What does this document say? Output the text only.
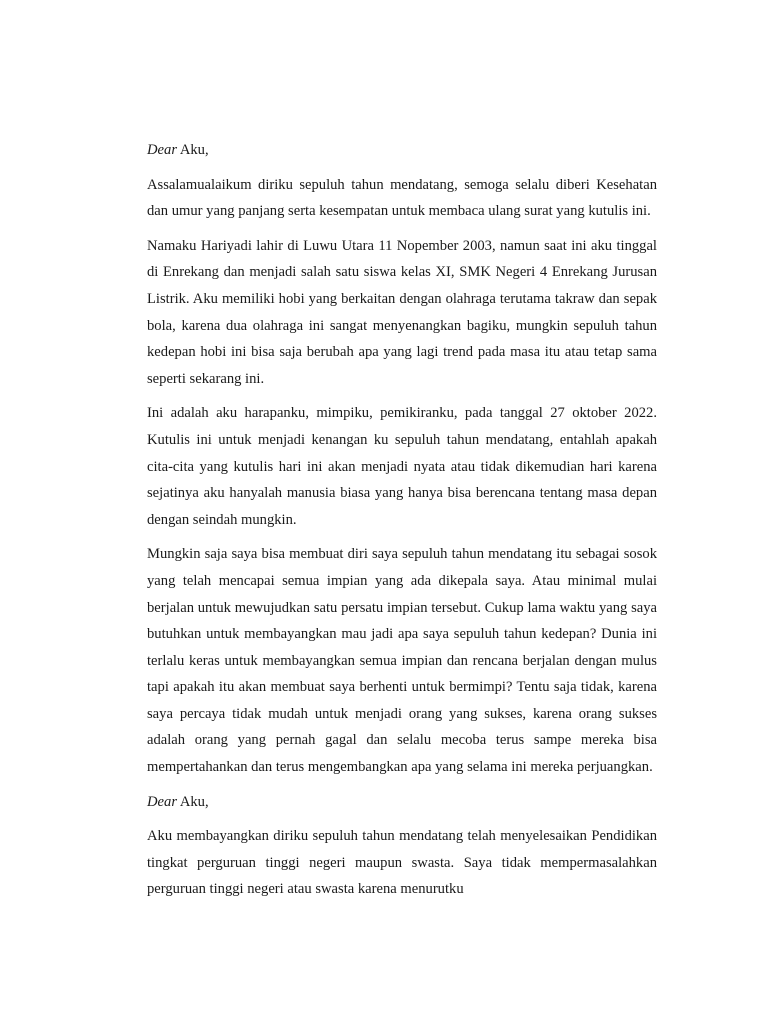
Dear Aku,

Assalamualaikum diriku sepuluh tahun mendatang, semoga selalu diberi Kesehatan dan umur yang panjang serta kesempatan untuk membaca ulang surat yang kutulis ini.

Namaku Hariyadi lahir di Luwu Utara 11 Nopember 2003, namun saat ini aku tinggal di Enrekang dan menjadi salah satu siswa kelas XI, SMK Negeri 4 Enrekang Jurusan Listrik. Aku memiliki hobi yang berkaitan dengan olahraga terutama takraw dan sepak bola, karena dua olahraga ini sangat menyenangkan bagiku, mungkin sepuluh tahun kedepan hobi ini bisa saja berubah apa yang lagi trend pada masa itu atau tetap sama seperti sekarang ini.

Ini adalah aku harapanku, mimpiku, pemikiranku, pada tanggal 27 oktober 2022. Kutulis ini untuk menjadi kenangan ku sepuluh tahun mendatang, entahlah apakah cita-cita yang kutulis hari ini akan menjadi nyata atau tidak dikemudian hari karena sejatinya aku hanyalah manusia biasa yang hanya bisa berencana tentang masa depan dengan seindah mungkin.

Mungkin saja saya bisa membuat diri saya sepuluh tahun mendatang itu sebagai sosok yang telah mencapai semua impian yang ada dikepala saya. Atau minimal mulai berjalan untuk mewujudkan satu persatu impian tersebut. Cukup lama waktu yang saya butuhkan untuk membayangkan mau jadi apa saya sepuluh tahun kedepan? Dunia ini terlalu keras untuk membayangkan semua impian dan rencana berjalan dengan mulus tapi apakah itu akan membuat saya berhenti untuk bermimpi? Tentu saja tidak, karena saya percaya tidak mudah untuk menjadi orang yang sukses, karena orang sukses adalah orang yang pernah gagal dan selalu mecoba terus sampe mereka bisa mempertahankan dan terus mengembangkan apa yang selama ini mereka perjuangkan.

Dear Aku,

Aku membayangkan diriku sepuluh tahun mendatang telah menyelesaikan Pendidikan tingkat perguruan tinggi negeri maupun swasta. Saya tidak mempermasalahkan perguruan tinggi negeri atau swasta karena menurutku
